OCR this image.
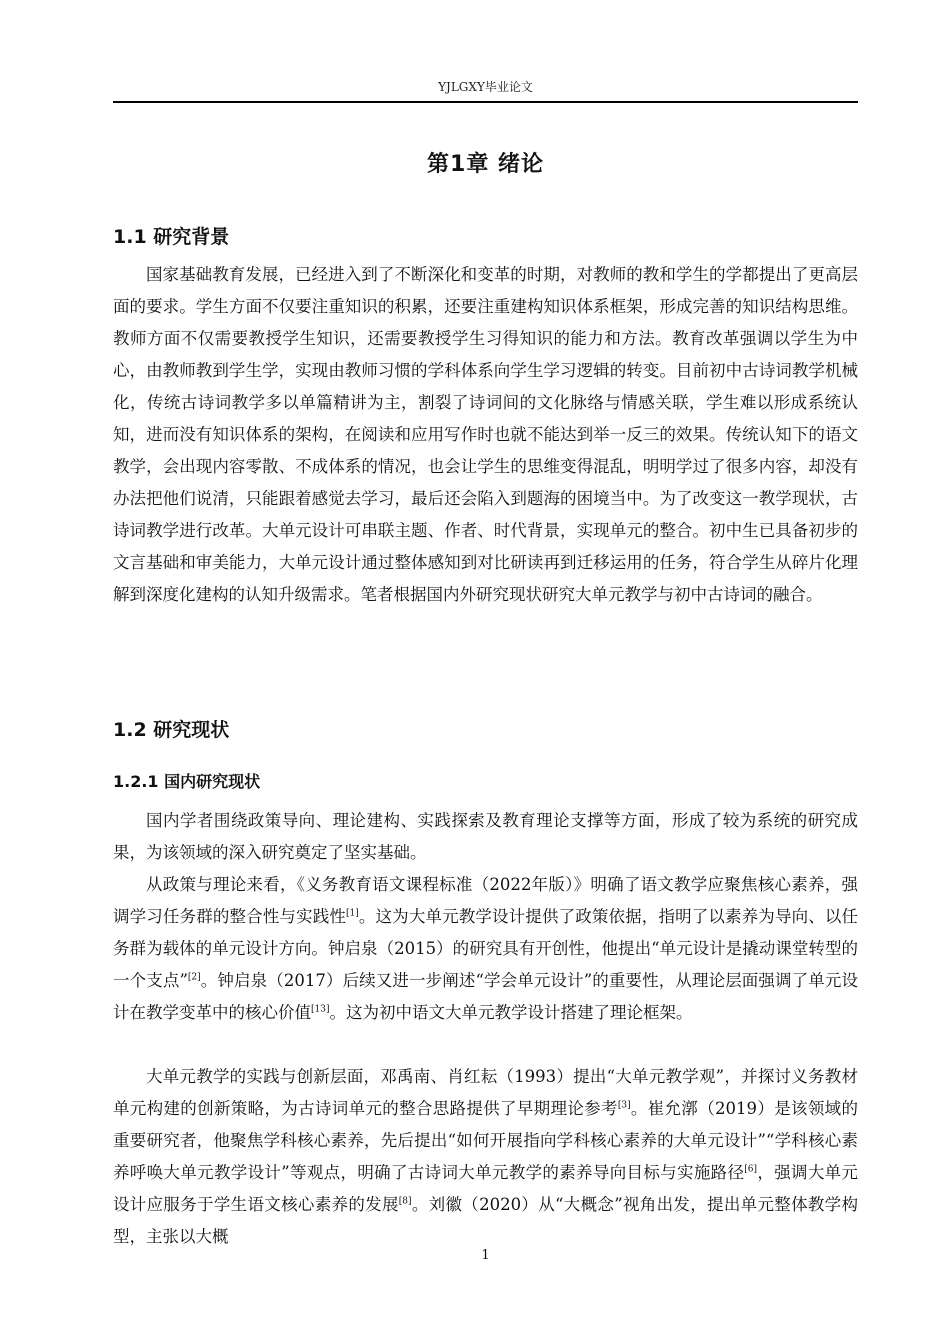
YJLGXY毕业论文
第1章 绪论
1.1 研究背景

国家基础教育发展，已经进入到了不断深化和变革的时期，对教师的教和学生的学都提出了更高层面的要求。学生方面不仅要注重知识的积累，还要注重建构知识体系框架，形成完善的知识结构思维。教师方面不仅需要教授学生知识，还需要教授学生习得知识的能力和方法。教育改革强调以学生为中心，由教师教到学生学，实现由教师习惯的学科体系向学生学习逻辑的转变。目前初中古诗词教学机械化，传统古诗词教学多以单篇精讲为主，割裂了诗词间的文化脉络与情感关联，学生难以形成系统认知，进而没有知识体系的架构，在阅读和应用写作时也就不能达到举一反三的效果。传统认知下的语文教学，会出现内容零散、不成体系的情况，也会让学生的思维变得混乱，明明学过了很多内容，却没有办法把他们说清，只能跟着感觉去学习，最后还会陷入到题海的困境当中。为了改变这一教学现状，古诗词教学进行改革。大单元设计可串联主题、作者、时代背景，实现单元的整合。初中生已具备初步的文言基础和审美能力，大单元设计通过整体感知到对比研读再到迁移运用的任务，符合学生从碎片化理解到深度化建构的认知升级需求。笔者根据国内外研究现状研究大单元教学与初中古诗词的融合。

1.2 研究现状
1.2.1 国内研究现状

国内学者围绕政策导向、理论建构、实践探索及教育理论支撑等方面，形成了较为系统的研究成果，为该领域的深入研究奠定了坚实基础。

从政策与理论来看，《义务教育语文课程标准（2022年版）》明确了语文教学应聚焦核心素养，强调学习任务群的整合性与实践性[1]。这为大单元教学设计提供了政策依据，指明了以素养为导向、以任务群为载体的单元设计方向。钟启泉（2015）的研究具有开创性，他提出“单元设计是撬动课堂转型的一个支点”[2]。钟启泉（2017）后续又进一步阐述“学会单元设计”的重要性，从理论层面强调了单元设计在教学变革中的核心价值[13]。这为初中语文大单元教学设计搭建了理论框架。

大单元教学的实践与创新层面，邓禹南、肖红耘（1993）提出“大单元教学观”，并探讨义务教材单元构建的创新策略，为古诗词单元的整合思路提供了早期理论参考[3]。崔允漷（2019）是该领域的重要研究者，他聚焦学科核心素养，先后提出“如何开展指向学科核心素养的大单元设计”“学科核心素养呼唤大单元教学设计”等观点，明确了古诗词大单元教学的素养导向目标与实施路径[6]，强调大单元设计应服务于学生语文核心素养的发展[8]。刘徽（2020）从“大概念”视角出发，提出单元整体教学构型，主张以大概

1
